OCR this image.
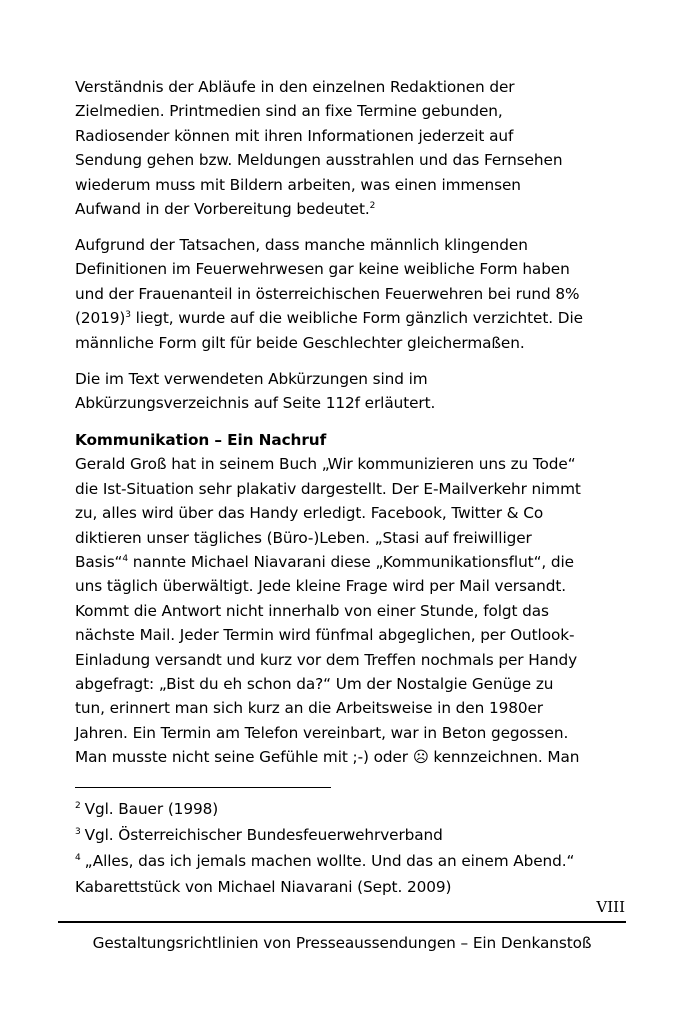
Verständnis der Abläufe in den einzelnen Redaktionen der
Zielmedien. Printmedien sind an fixe Termine gebunden,
Radiosender können mit ihren Informationen jederzeit auf
Sendung gehen bzw. Meldungen ausstrahlen und das Fernsehen
wiederum muss mit Bildern arbeiten, was einen immensen
Aufwand in der Vorbereitung bedeutet.$^2$
Aufgrund der Tatsachen, dass manche männlich klingenden
Definitionen im Feuerwehrwesen gar keine weibliche Form haben
und der Frauenanteil in österreichischen Feuerwehren bei rund 8%
$(2019)^3$ liegt, wurde auf die weibliche Form gänzlich verzichtet. Die
männliche Form gilt für beide Geschlechter gleichermaßen.
Die im Text verwendeten Abkürzungen sind im
Abkürzungsverzeichnis auf Seite 112f erläutert.
Kommunikation – Ein Nachruf
Gerald Groß hat in seinem Buch „Wir kommunizieren uns zu Tode“
die Ist-Situation sehr plakativ dargestellt. Der E-Mailverkehr nimmt
zu, alles wird über das Handy erledigt. Facebook, Twitter & Co
diktieren unser tägliches (Büro-)Leben. „Stasi auf freiwilliger
Basis“$^4$ nannte Michael Niavarani diese „Kommunikationsflut“, die
uns täglich überwältigt. Jede kleine Frage wird per Mail versandt.
Kommt die Antwort nicht innerhalb von einer Stunde, folgt das
nächste Mail. Jeder Termin wird fünfmal abgeglichen, per Outlook-
Einladung versandt und kurz vor dem Treffen nochmals per Handy
abgefragt: „Bist du eh schon da?“ Um der Nostalgie Genüge zu
tun, erinnert man sich kurz an die Arbeitsweise in den 1980er
Jahren. Ein Termin am Telefon vereinbart, war in Beton gegossen.
Man musste nicht seine Gefühle mit ;-) oder ☹ kennzeichnen. Man
$^2$ Vgl. Bauer (1998)
$^3$ Vgl. Österreichischer Bundesfeuerwehrverband
$^4$ „Alles, das ich jemals machen wollte. Und das an einem Abend.“
Kabarettstück von Michael Niavarani (Sept. 2009)
VIII
Gestaltungsrichtlinien von Presseaussendungen – Ein Denkanstoß
